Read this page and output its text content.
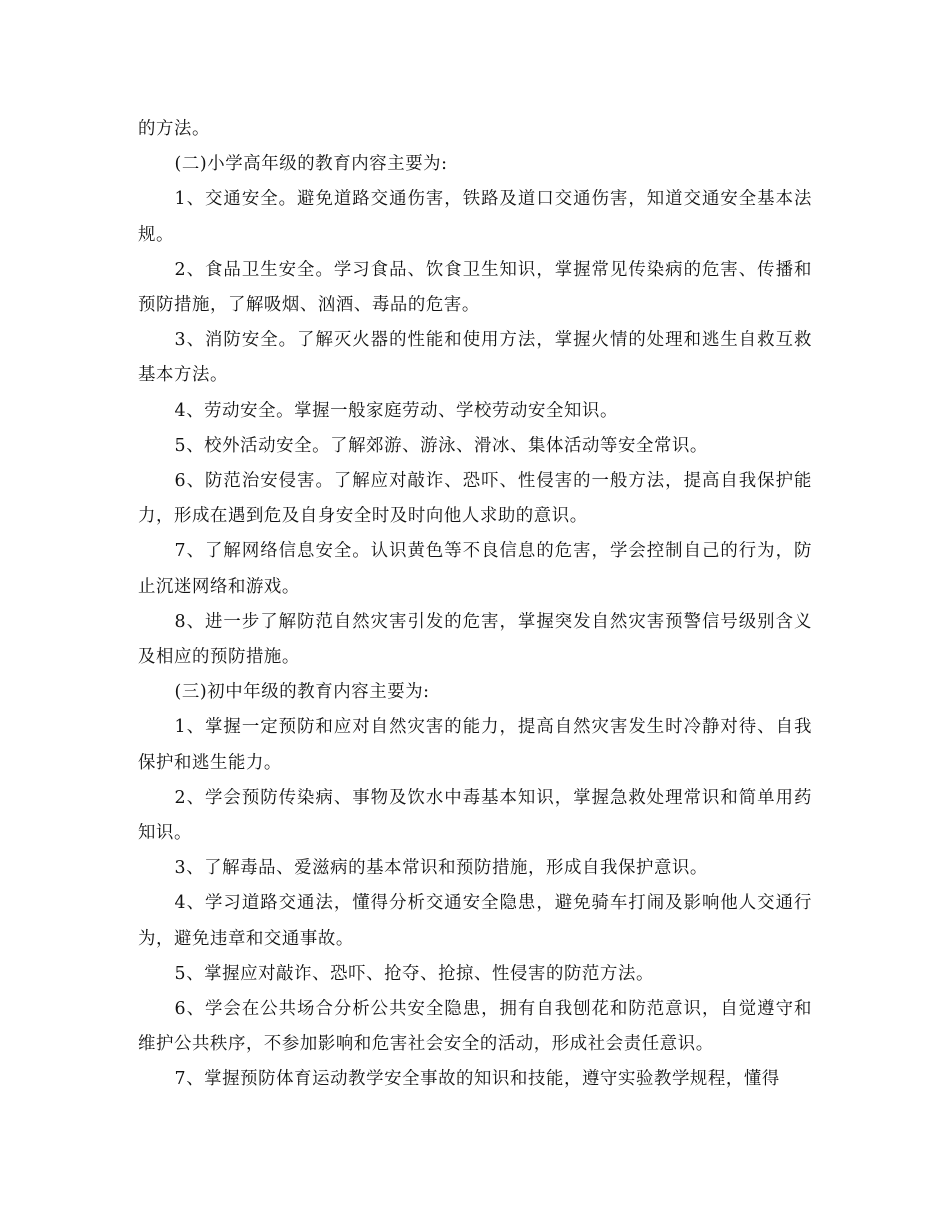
的方法。

(二)小学高年级的教育内容主要为:

1、交通安全。避免道路交通伤害，铁路及道口交通伤害，知道交通安全基本法规。

2、食品卫生安全。学习食品、饮食卫生知识，掌握常见传染病的危害、传播和预防措施，了解吸烟、汹酒、毒品的危害。

3、消防安全。了解灭火器的性能和使用方法，掌握火情的处理和逃生自救互救基本方法。

4、劳动安全。掌握一般家庭劳动、学校劳动安全知识。

5、校外活动安全。了解郊游、游泳、滑冰、集体活动等安全常识。

6、防范治安侵害。了解应对敲诈、恐吓、性侵害的一般方法，提高自我保护能力，形成在遇到危及自身安全时及时向他人求助的意识。

7、了解网络信息安全。认识黄色等不良信息的危害，学会控制自己的行为，防止沉迷网络和游戏。

8、进一步了解防范自然灾害引发的危害，掌握突发自然灾害预警信号级别含义及相应的预防措施。

(三)初中年级的教育内容主要为:

1、掌握一定预防和应对自然灾害的能力，提高自然灾害发生时冷静对待、自我保护和逃生能力。

2、学会预防传染病、事物及饮水中毒基本知识，掌握急救处理常识和简单用药知识。

3、了解毒品、爱滋病的基本常识和预防措施，形成自我保护意识。

4、学习道路交通法，懂得分析交通安全隐患，避免骑车打闹及影响他人交通行为，避免违章和交通事故。

5、掌握应对敲诈、恐吓、抢夺、抢掠、性侵害的防范方法。

6、学会在公共场合分析公共安全隐患，拥有自我刨花和防范意识，自觉遵守和维护公共秩序，不参加影响和危害社会安全的活动，形成社会责任意识。

7、掌握预防体育运动教学安全事故的知识和技能，遵守实验教学规程，懂得
